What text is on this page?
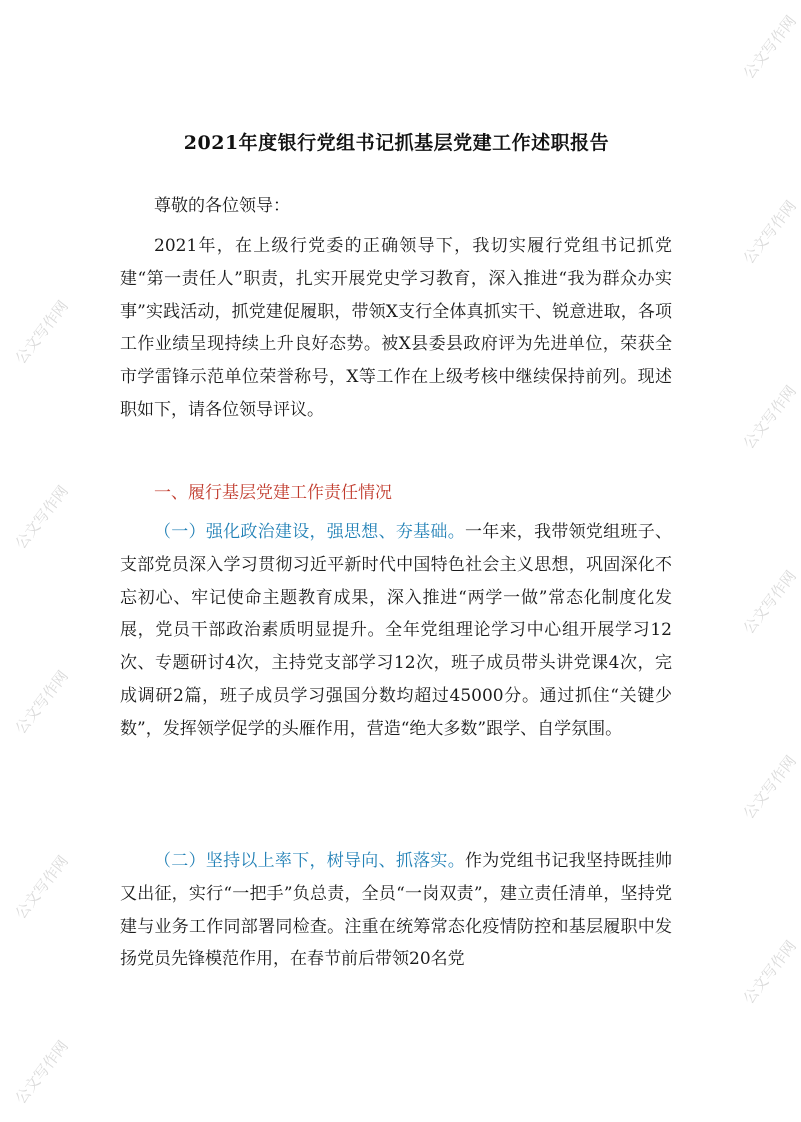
2021年度银行党组书记抓基层党建工作述职报告
尊敬的各位领导：
2021年，在上级行党委的正确领导下，我切实履行党组书记抓党建“第一责任人”职责，扎实开展党史学习教育，深入推进“我为群众办实事”实践活动，抓党建促履职，带领X支行全体真抓实干、锐意进取，各项工作业绩呈现持续上升良好态势。被X县委县政府评为先进单位，荣获全市学雷锋示范单位荣誉称号，X等工作在上级考核中继续保持前列。现述职如下，请各位领导评议。
一、履行基层党建工作责任情况
（一）强化政治建设，强思想、夯基础。一年来，我带领党组班子、支部党员深入学习贯彻习近平新时代中国特色社会主义思想，巩固深化不忘初心、牢记使命主题教育成果，深入推进“两学一做”常态化制度化发展，党员干部政治素质明显提升。全年党组理论学习中心组开展学习12次、专题研讨4次，主持党支部学习12次，班子成员带头讲党课4次，完成调研2篇，班子成员学习强国分数均超过45000分。通过抓住“关键少数”，发挥领学促学的头雁作用，营造“绝大多数”跟学、自学氛围。
（二）坚持以上率下，树导向、抓落实。作为党组书记我坚持既挂帅又出征，实行“一把手”负总责，全员“一岗双责”，建立责任清单，坚持党建与业务工作同部署同检查。注重在统筹常态化疫情防控和基层履职中发扬党员先锋模范作用，在春节前后带领20名党
公文写作网
公文写作网
公文写作网
公文写作网
公文写作网
公文写作网
公文写作网
公文写作网
公文写作网
公文写作网
公文写作网
